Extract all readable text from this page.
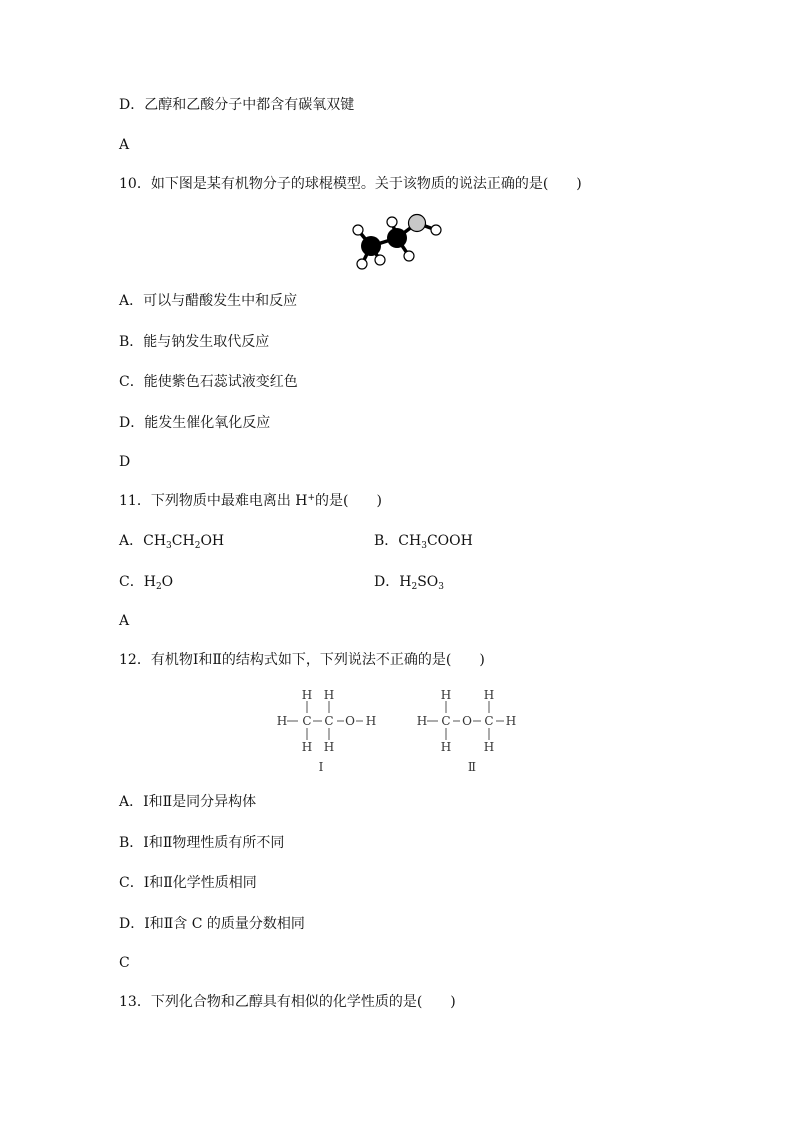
D．乙醇和乙酸分子中都含有碳氧双键
A
10．如下图是某有机物分子的球棍模型。关于该物质的说法正确的是(　　)
A．可以与醋酸发生中和反应
B．能与钠发生取代反应
C．能使紫色石蕊试液变红色
D．能发生催化氧化反应
D
11．下列物质中最难电离出 H+的是(　　)
A．$CH_3CH_2OH$	B．$CH_3COOH$
C．$H_2O$	D．$H_2SO_3$
A
12．有机物Ⅰ和Ⅱ的结构式如下，下列说法不正确的是(　　)
H H
H C C O H
H H
Ⅰ
H	H
H C O C H
H	H
Ⅱ
A．Ⅰ和Ⅱ是同分异构体
B．Ⅰ和Ⅱ物理性质有所不同
C．Ⅰ和Ⅱ化学性质相同
D．Ⅰ和Ⅱ含 C 的质量分数相同
C
13．下列化合物和乙醇具有相似的化学性质的是(　　)
